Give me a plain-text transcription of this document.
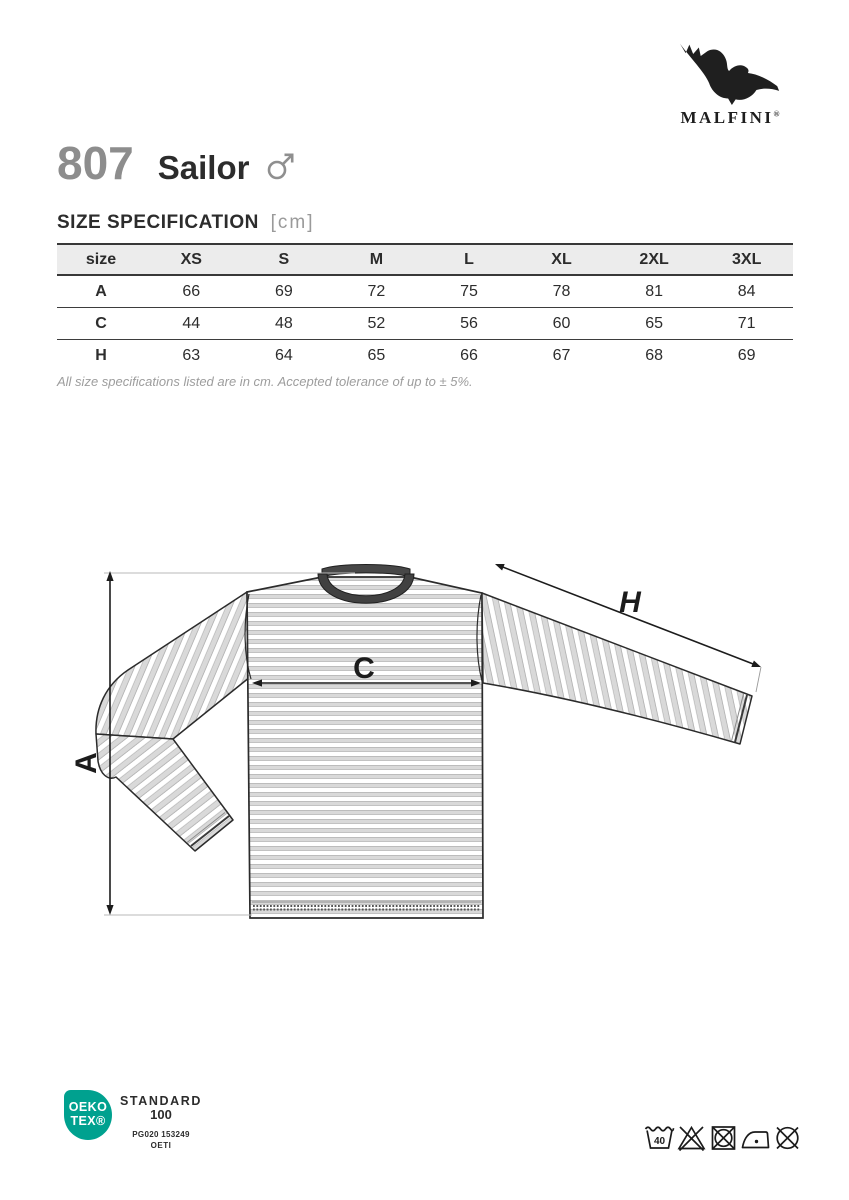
MALFINI®
807 Sailor
SIZE SPECIFICATION [cm]
size	XS	S	M	L	XL	2XL	3XL
A	66	69	72	75	78	81	84
C	44	48	52	56	60	65	71
H	63	64	65	66	67	68	69
All size specifications listed are in cm. Accepted tolerance of up to ± 5%.
A
C
H
OEKO
TEX®
STANDARD
100
PG020 153249
OETI	40
